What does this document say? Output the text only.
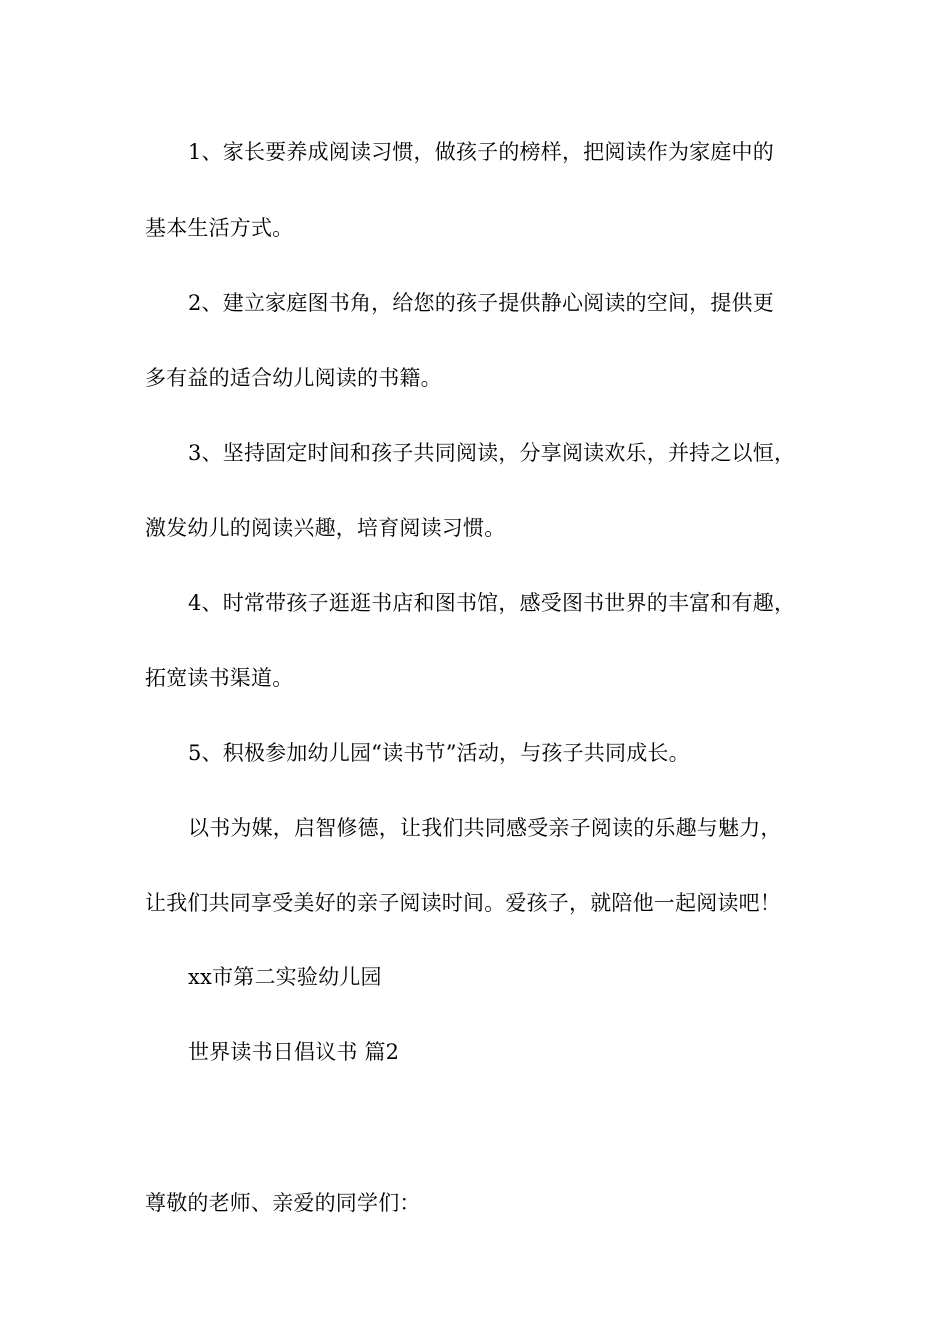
1、家长要养成阅读习惯，做孩子的榜样，把阅读作为家庭中的
基本生活方式。
2、建立家庭图书角，给您的孩子提供静心阅读的空间，提供更
多有益的适合幼儿阅读的书籍。
3、坚持固定时间和孩子共同阅读，分享阅读欢乐，并持之以恒，
激发幼儿的阅读兴趣，培育阅读习惯。
4、时常带孩子逛逛书店和图书馆，感受图书世界的丰富和有趣，
拓宽读书渠道。
5、积极参加幼儿园“读书节”活动，与孩子共同成长。
以书为媒，启智修德，让我们共同感受亲子阅读的乐趣与魅力，
让我们共同享受美好的亲子阅读时间。爱孩子，就陪他一起阅读吧！
xx市第二实验幼儿园
世界读书日倡议书 篇2
尊敬的老师、亲爱的同学们：
